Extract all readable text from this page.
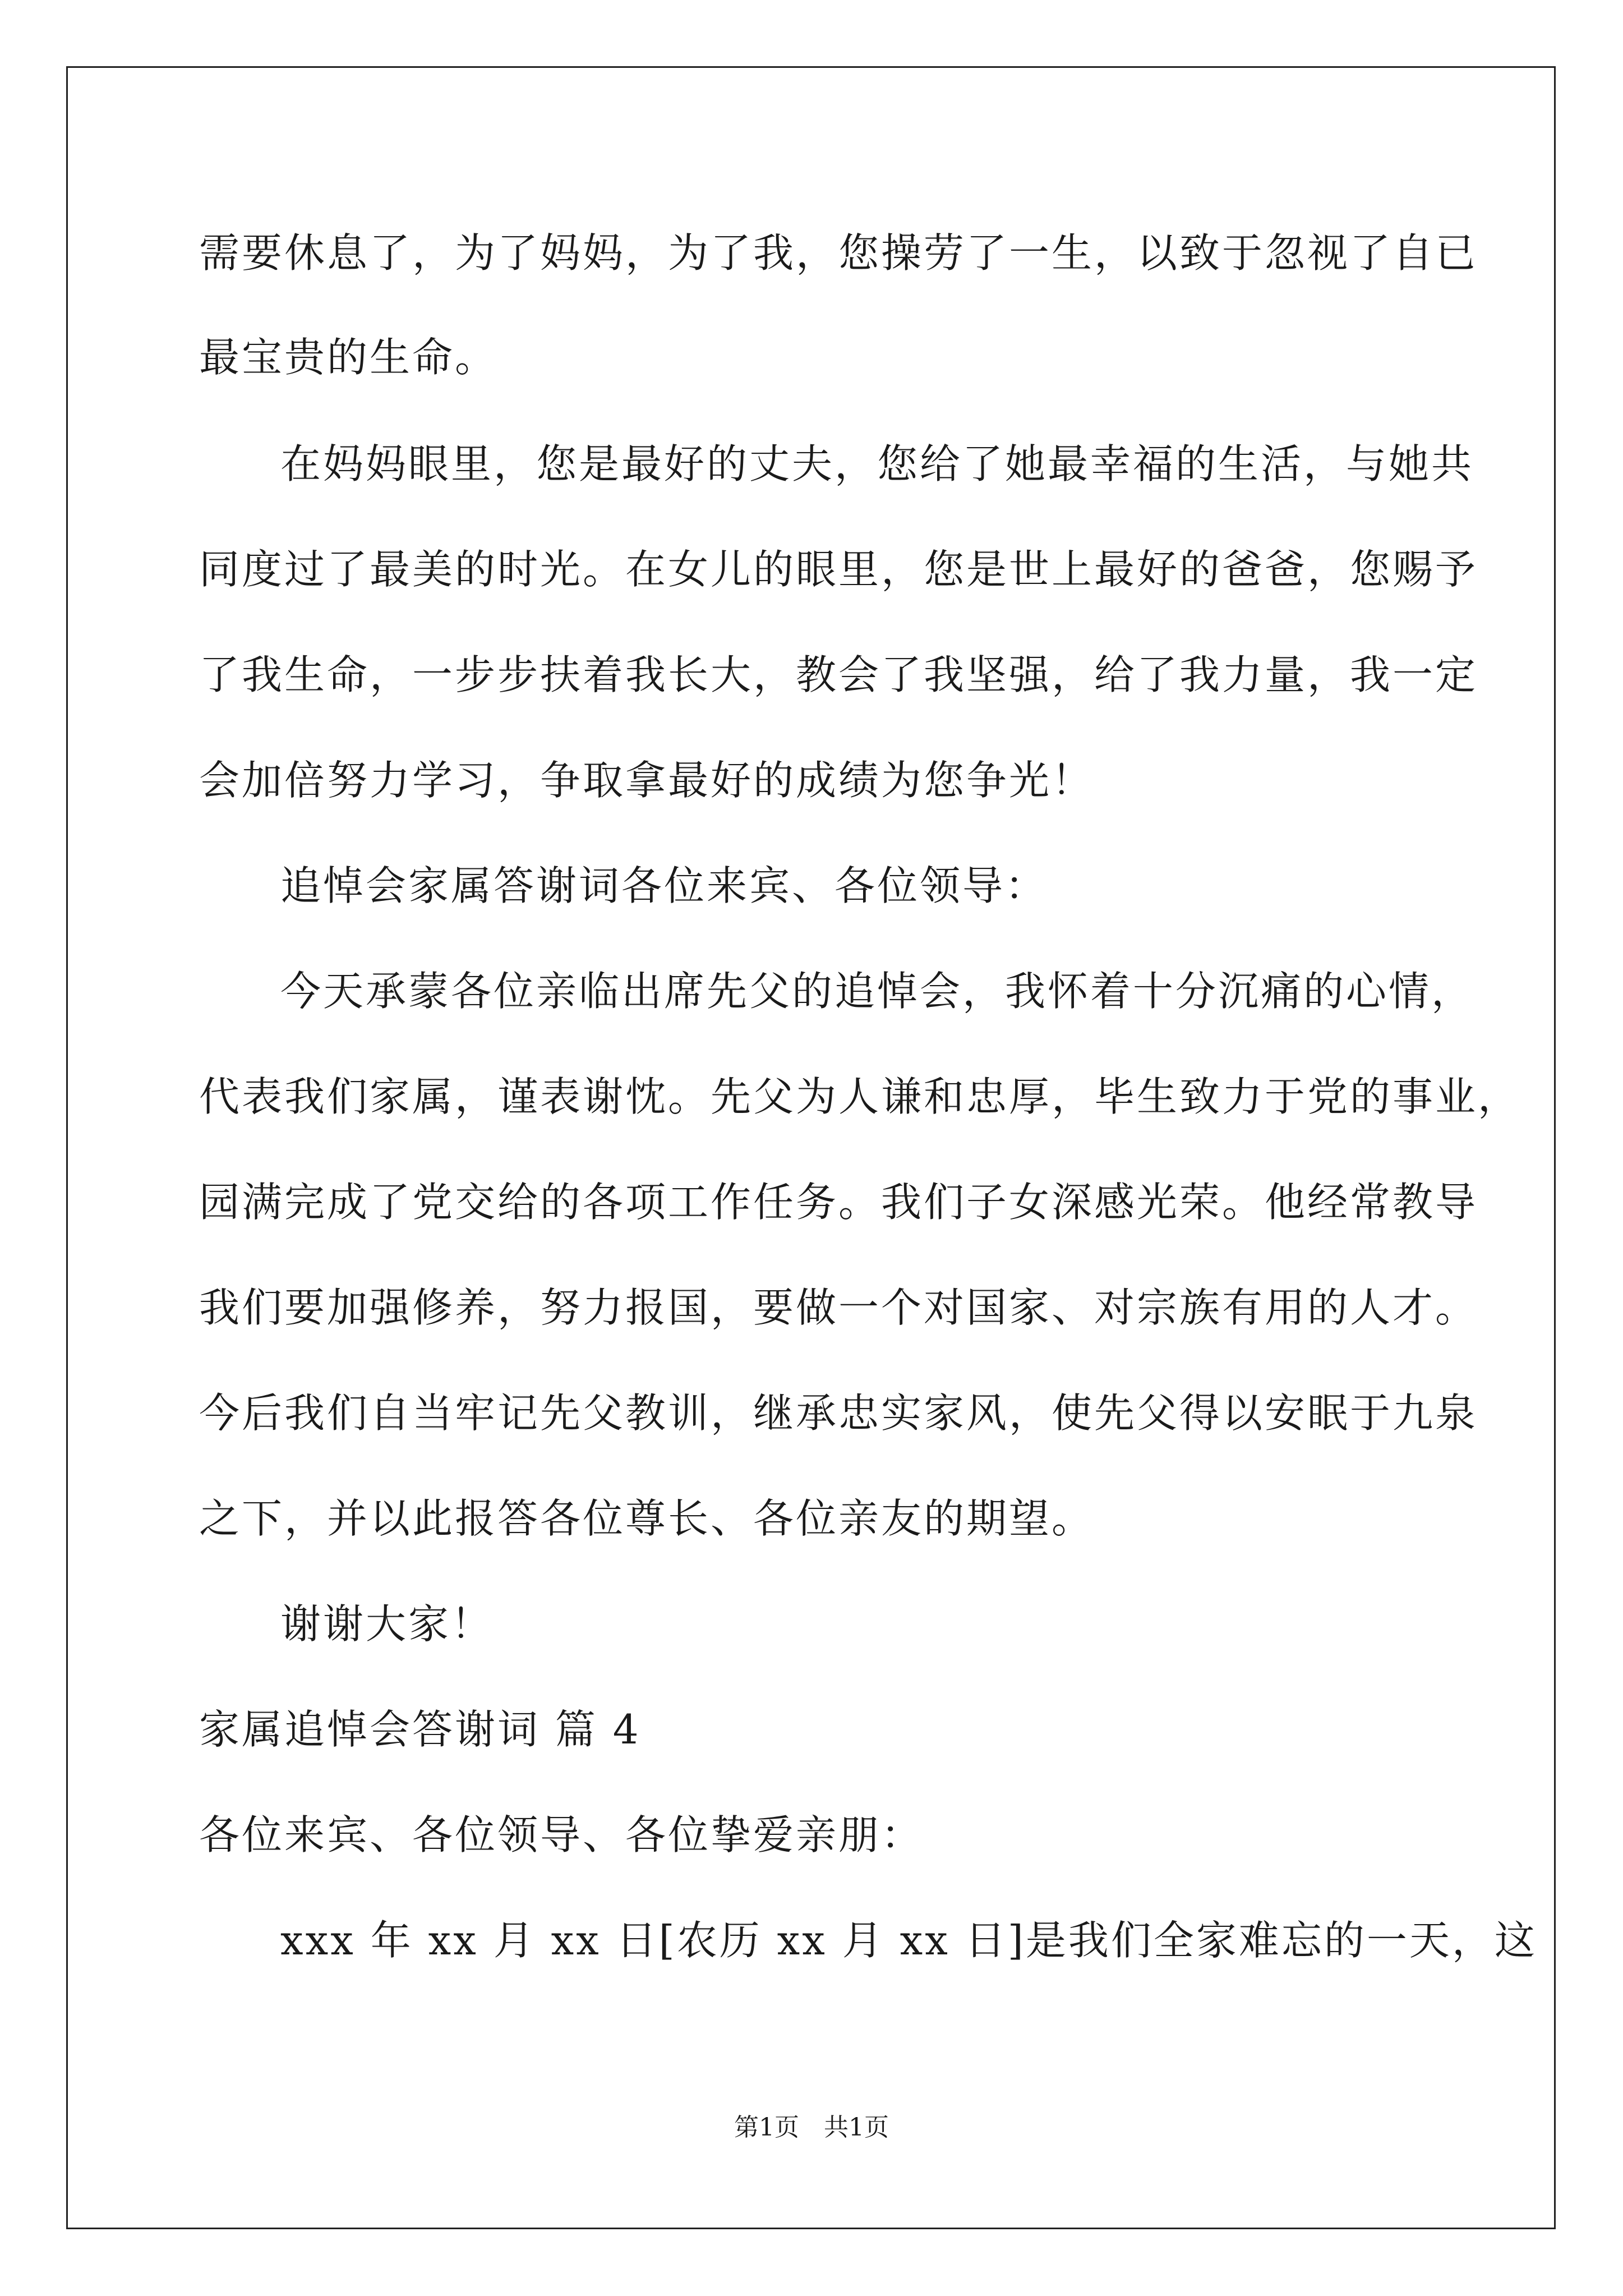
需要休息了，为了妈妈，为了我，您操劳了一生，以致于忽视了自已
最宝贵的生命。
在妈妈眼里，您是最好的丈夫，您给了她最幸福的生活，与她共
同度过了最美的时光。在女儿的眼里，您是世上最好的爸爸，您赐予
了我生命，一步步扶着我长大，教会了我坚强，给了我力量，我一定
会加倍努力学习，争取拿最好的成绩为您争光！
追悼会家属答谢词各位来宾、各位领导：
今天承蒙各位亲临出席先父的追悼会，我怀着十分沉痛的心情，
代表我们家属，谨表谢忱。先父为人谦和忠厚，毕生致力于党的事业，
园满完成了党交给的各项工作任务。我们子女深感光荣。他经常教导
我们要加强修养，努力报国，要做一个对国家、对宗族有用的人才。
今后我们自当牢记先父教训，继承忠实家风，使先父得以安眠于九泉
之下，并以此报答各位尊长、各位亲友的期望。
谢谢大家！
家属追悼会答谢词 篇 4
各位来宾、各位领导、各位挚爱亲朋：
xxx 年 xx 月 xx 日[农历 xx 月 xx 日]是我们全家难忘的一天，这
第1页　共1页
